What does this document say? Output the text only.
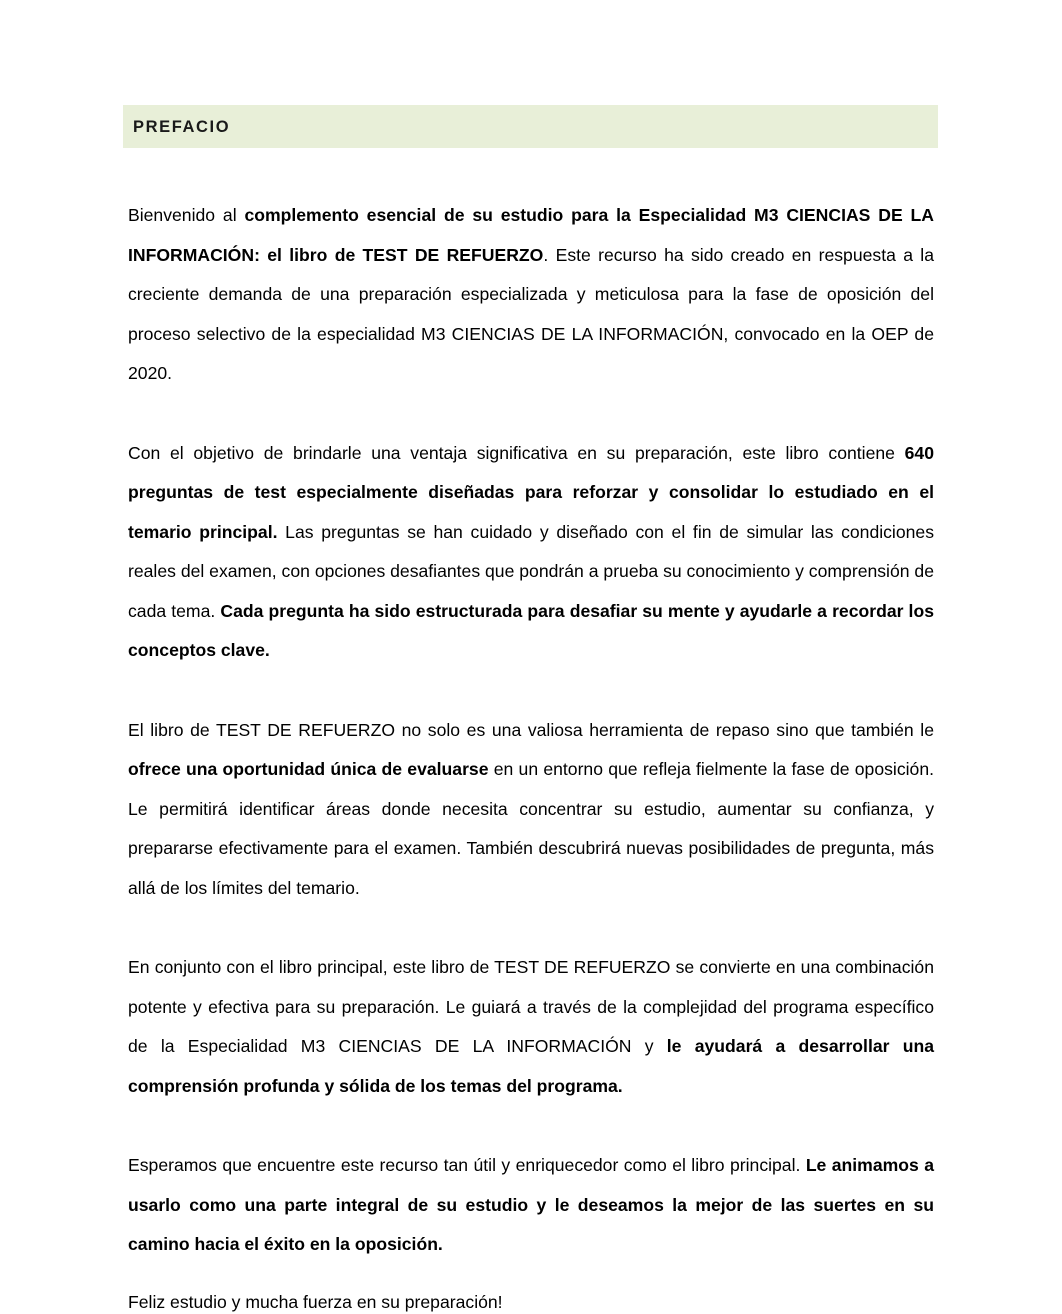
PREFACIO

Bienvenido al complemento esencial de su estudio para la Especialidad M3 CIENCIAS DE LA INFORMACIÓN: el libro de TEST DE REFUERZO. Este recurso ha sido creado en respuesta a la creciente demanda de una preparación especializada y meticulosa para la fase de oposición del proceso selectivo de la especialidad M3 CIENCIAS DE LA INFORMACIÓN, convocado en la OEP de 2020.

Con el objetivo de brindarle una ventaja significativa en su preparación, este libro contiene 640 preguntas de test especialmente diseñadas para reforzar y consolidar lo estudiado en el temario principal. Las preguntas se han cuidado y diseñado con el fin de simular las condiciones reales del examen, con opciones desafiantes que pondrán a prueba su conocimiento y comprensión de cada tema. Cada pregunta ha sido estructurada para desafiar su mente y ayudarle a recordar los conceptos clave.

El libro de TEST DE REFUERZO no solo es una valiosa herramienta de repaso sino que también le ofrece una oportunidad única de evaluarse en un entorno que refleja fielmente la fase de oposición. Le permitirá identificar áreas donde necesita concentrar su estudio, aumentar su confianza, y prepararse efectivamente para el examen. También descubrirá nuevas posibilidades de pregunta, más allá de los límites del temario.

En conjunto con el libro principal, este libro de TEST DE REFUERZO se convierte en una combinación potente y efectiva para su preparación. Le guiará a través de la complejidad del programa específico de la Especialidad M3 CIENCIAS DE LA INFORMACIÓN y le ayudará a desarrollar una comprensión profunda y sólida de los temas del programa.

Esperamos que encuentre este recurso tan útil y enriquecedor como el libro principal. Le animamos a usarlo como una parte integral de su estudio y le deseamos la mejor de las suertes en su camino hacia el éxito en la oposición.

Feliz estudio y mucha fuerza en su preparación!
